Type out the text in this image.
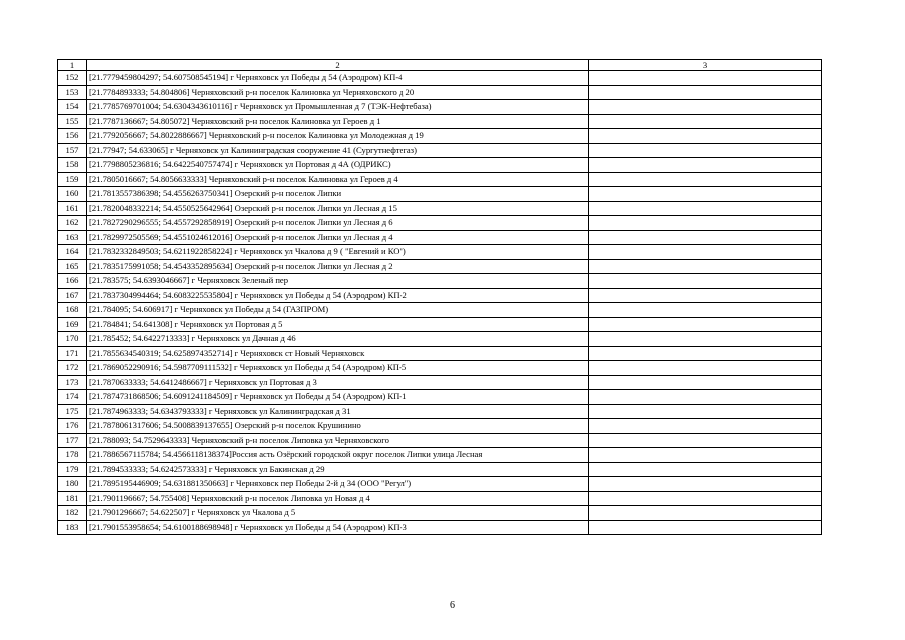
1	2	3
152	[21.7779459804297; 54.607508545194] г Черняховск ул Победы д 54 (Аэродром) КП-4	
153	[21.7784893333; 54.804806] Черняховский р-н поселок Калиновка ул Черняховского д 20	
154	[21.7785769701004; 54.6304343610116] г Черняховск ул Промышленная д 7 (ТЭК-Нефтебаза)	
155	[21.7787136667; 54.805072] Черняховский р-н поселок Калиновка ул Героев д 1	
156	[21.7792056667; 54.8022886667] Черняховский р-н поселок Калиновка ул Молодежная д 19	
157	[21.77947; 54.633065] г Черняховск ул Калининградская сооружение 41 (Сургутнефтегаз)	
158	[21.7798805236816; 54.6422540757474] г Черняховск ул Портовая д 4А (ОДРИКС)	
159	[21.7805016667; 54.8056633333] Черняховский р-н поселок Калиновка ул Героев д 4	
160	[21.7813557386398; 54.4556263750341] Озерский р-н поселок Липки	
161	[21.7820048332214; 54.4550525642964] Озерский р-н поселок Липки ул Лесная д 15	
162	[21.7827290296555; 54.4557292858919] Озерский р-н поселок Липки ул Лесная д 6	
163	[21.7829972505569; 54.4551024612016] Озерский р-н поселок Липки ул Лесная д 4	
164	[21.7832332849503; 54.6211922858224] г Черняховск ул Чкалова д 9 ( "Евгений и КО")	
165	[21.7835175991058; 54.4543352895634] Озерский р-н поселок Липки ул Лесная д 2	
166	[21.783575; 54.6393046667] г Черняховск Зеленый пер	
167	[21.7837304994464; 54.6083225535804] г Черняховск ул Победы д 54 (Аэродром) КП-2	
168	[21.784095; 54.606917] г Черняховск ул Победы д 54 (ГАЗПРОМ)	
169	[21.784841; 54.641308] г Черняховск ул Портовая д 5	
170	[21.785452; 54.6422713333] г Черняховск ул Дачная д 46	
171	[21.7855634540319; 54.6258974352714] г Черняховск ст Новый Черняховск	
172	[21.7869052290916; 54.5987709111532] г Черняховск ул Победы д 54 (Аэродром) КП-5	
173	[21.7870633333; 54.6412486667] г Черняховск ул Портовая д 3	
174	[21.7874731868506; 54.6091241184509] г Черняховск ул Победы д 54 (Аэродром) КП-1	
175	[21.7874963333; 54.6343793333] г Черняховск ул Калининградская д 31	
176	[21.7878061317606; 54.5008839137655] Озерский р-н поселок Крушинино	
177	[21.788093; 54.7529643333] Черняховский р-н поселок Липовка ул Черняховского	
178	[21.7886567115784; 54.4566118138374]Россия асть Озёрский городской округ поселок Липки улица Лесная	
179	[21.7894533333; 54.6242573333] г Черняховск ул Бакинская д 29	
180	[21.7895195446909; 54.631881350663] г Черняховск пер Победы 2-й д 34 (ООО "Регул")	
181	[21.7901196667; 54.755408] Черняховский р-н поселок Липовка ул Новая д 4	
182	[21.7901296667; 54.622507] г Черняховск ул Чкалова д 5	
183	[21.7901553958654; 54.6100188698948] г Черняховск ул Победы д 54 (Аэродром) КП-3	
6
